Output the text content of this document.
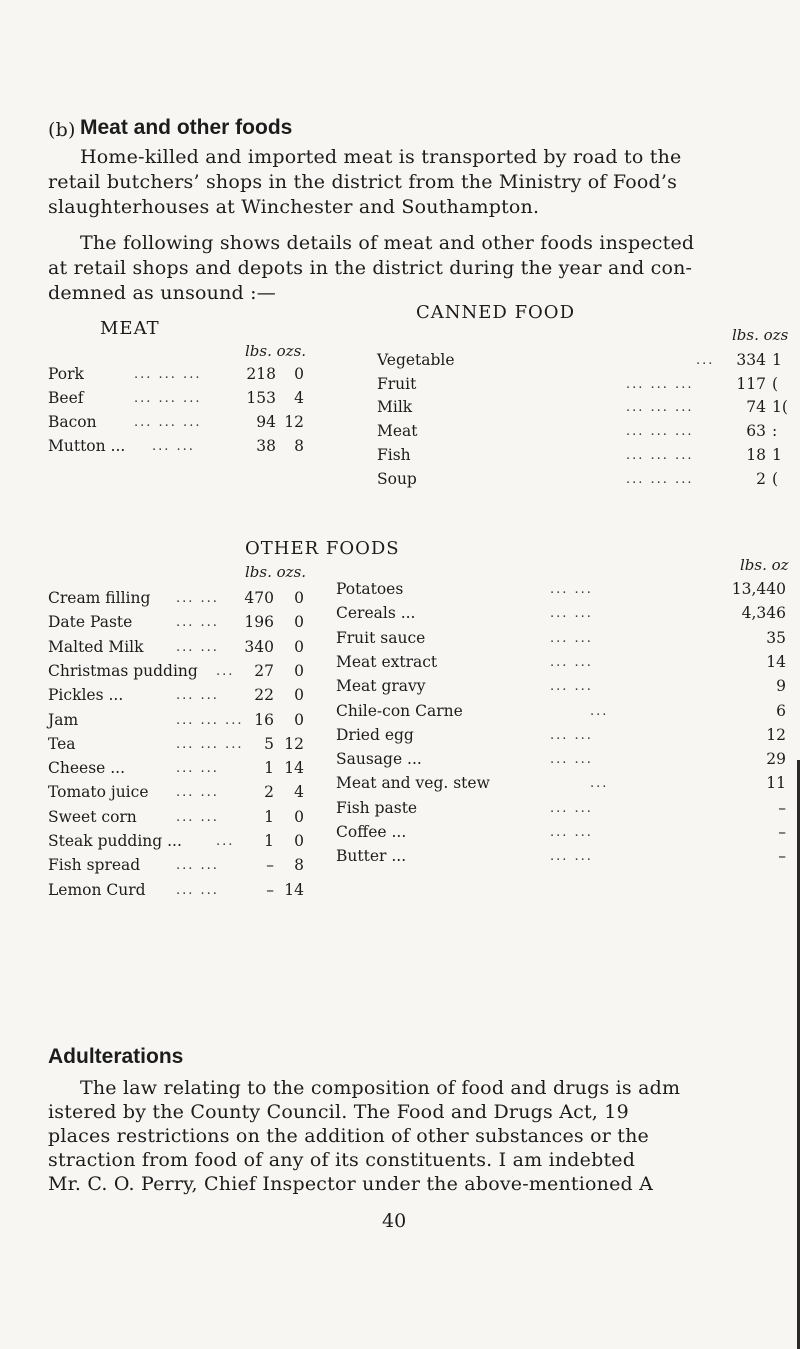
(b) Meat and other foods
Home-killed and imported meat is transported by road to the
retail butchers’ shops in the district from the Ministry of Food’s
slaughterhouses at Winchester and Southampton.
The following shows details of meat and other foods inspected
at retail shops and depots in the district during the year and con-
demned as unsound :—
MEAT
lbs. ozs.
Pork	... ... ...	218	0
Beef	... ... ...	153	4
Bacon	... ... ...	94 12
Mutton ... ... ...	38	8
CANNED FOOD
lbs. ozs
Vegetable	... 334 1
Fruit	... ... ...	117 (
Milk	... ... ...	74 1(
Meat	... ... ...	63 :
Fish	... ... ...	18 1
Soup	... ... ...	2 (
OTHER FOODS
lbs. ozs.	lbs. oz
Cream filling ... ... 470	0
Date Paste	... ... 196	0
Malted Milk	... ... 340	0
Christmas pudding ...	27	0
Pickles ...	... ...	22	0
Jam	... ... ... 16	0
Tea	... ... ...	5 12
Cheese ...	... ...	1 14
Tomato juice ... ...	2	4
Sweet corn	... ...	1	0
Steak pudding ...	...	1	0
Fish spread	... ...	–	8
Lemon Curd ... ...	– 14
Potatoes	... ...	13,440
Cereals ...	... ...	4,346
Fruit sauce	... ...	35
Meat extract	... ...	14
Meat gravy	... ...	9
Chile-con Carne	...	6
Dried egg	... ...	12
Sausage ...	... ...	29
Meat and veg. stew	...	11
Fish paste	... ...	–
Coffee ...	... ...	–
Butter ...	... ...	–
Adulterations
The law relating to the composition of food and drugs is adm
istered by the County Council. The Food and Drugs Act, 19
places restrictions on the addition of other substances or the
straction from food of any of its constituents. I am indebted
Mr. C. O. Perry, Chief Inspector under the above-mentioned A
40
